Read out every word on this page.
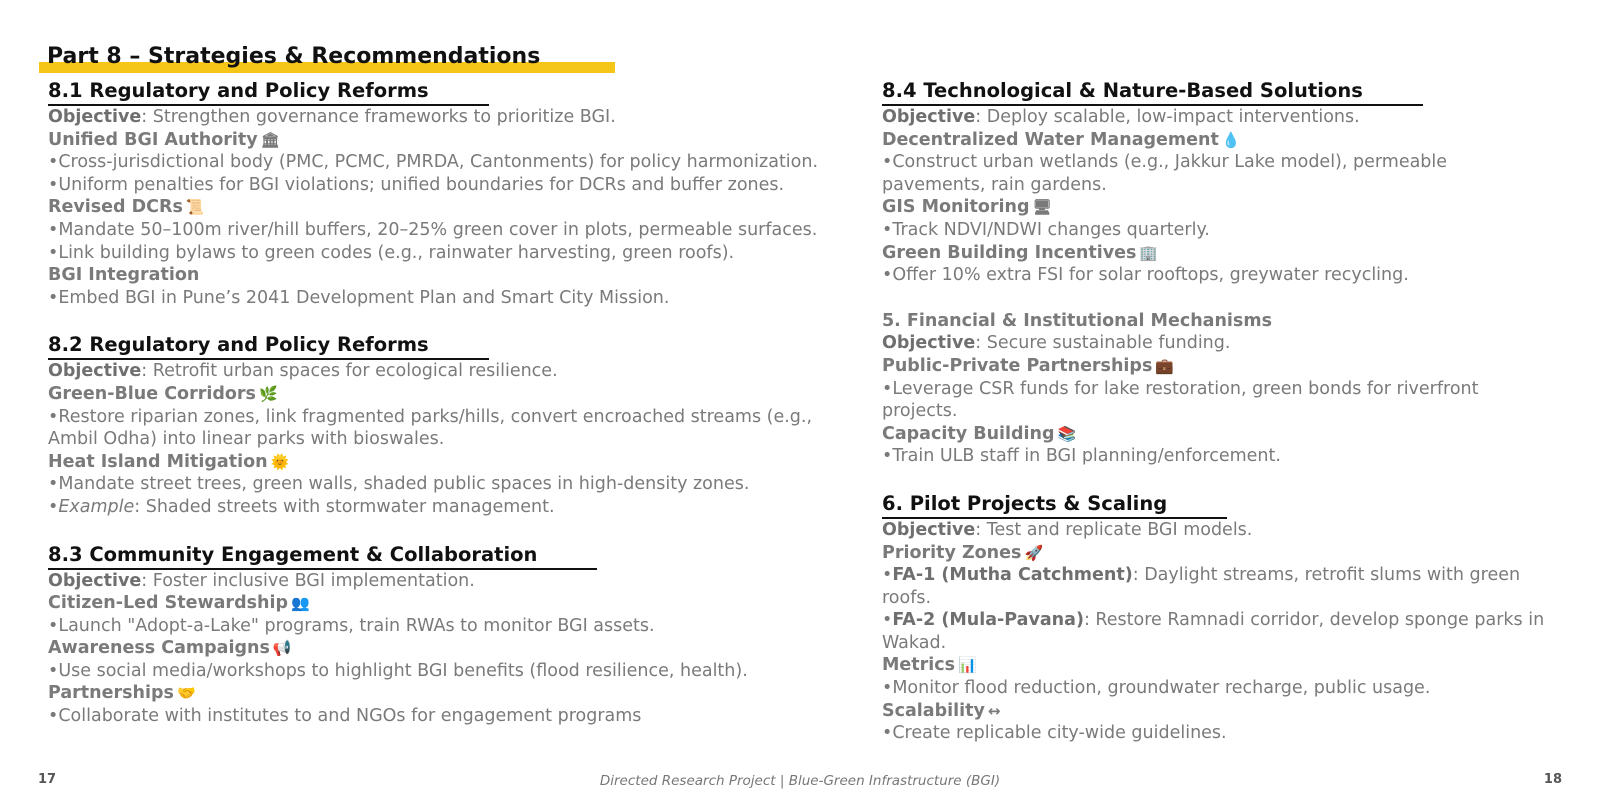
Part 8 – Strategies & Recommendations
8.1 Regulatory and Policy Reforms

Objective: Strengthen governance frameworks to prioritize BGI.

Unified BGI Authority 🏛

•Cross-jurisdictional body (PMC, PCMC, PMRDA, Cantonments) for policy harmonization.

•Uniform penalties for BGI violations; unified boundaries for DCRs and buffer zones.

Revised DCRs 📜

•Mandate 50–100m river/hill buffers, 20–25% green cover in plots, permeable surfaces.

•Link building bylaws to green codes (e.g., rainwater harvesting, green roofs).

BGI Integration

•Embed BGI in Pune’s 2041 Development Plan and Smart City Mission.

8.2 Regulatory and Policy Reforms

Objective: Retrofit urban spaces for ecological resilience.

Green-Blue Corridors 🌿

•Restore riparian zones, link fragmented parks/hills, convert encroached streams (e.g.,

Ambil Odha) into linear parks with bioswales.

Heat Island Mitigation 🌞

•Mandate street trees, green walls, shaded public spaces in high-density zones.

•Example: Shaded streets with stormwater management.

8.3 Community Engagement & Collaboration

Objective: Foster inclusive BGI implementation.

Citizen-Led Stewardship 👥

•Launch "Adopt-a-Lake" programs, train RWAs to monitor BGI assets.

Awareness Campaigns 📢

•Use social media/workshops to highlight BGI benefits (flood resilience, health).

Partnerships 🤝

•Collaborate with institutes to and NGOs for engagement programs

8.4 Technological & Nature-Based Solutions

Objective: Deploy scalable, low-impact interventions.

Decentralized Water Management 💧

•Construct urban wetlands (e.g., Jakkur Lake model), permeable

pavements, rain gardens.

GIS Monitoring 🖥

•Track NDVI/NDWI changes quarterly.

Green Building Incentives 🏢

•Offer 10% extra FSI for solar rooftops, greywater recycling.

5. Financial & Institutional Mechanisms

Objective: Secure sustainable funding.

Public-Private Partnerships 💼

•Leverage CSR funds for lake restoration, green bonds for riverfront

projects.

Capacity Building 📚

•Train ULB staff in BGI planning/enforcement.

6. Pilot Projects & Scaling

Objective: Test and replicate BGI models.

Priority Zones 🚀

•FA-1 (Mutha Catchment): Daylight streams, retrofit slums with green

roofs.

•FA-2 (Mula-Pavana): Restore Ramnadi corridor, develop sponge parks in

Wakad.

Metrics 📊

•Monitor flood reduction, groundwater recharge, public usage.

Scalability ↔

•Create replicable city-wide guidelines.

17	Directed Research Project | Blue-Green Infrastructure (BGI)	18
